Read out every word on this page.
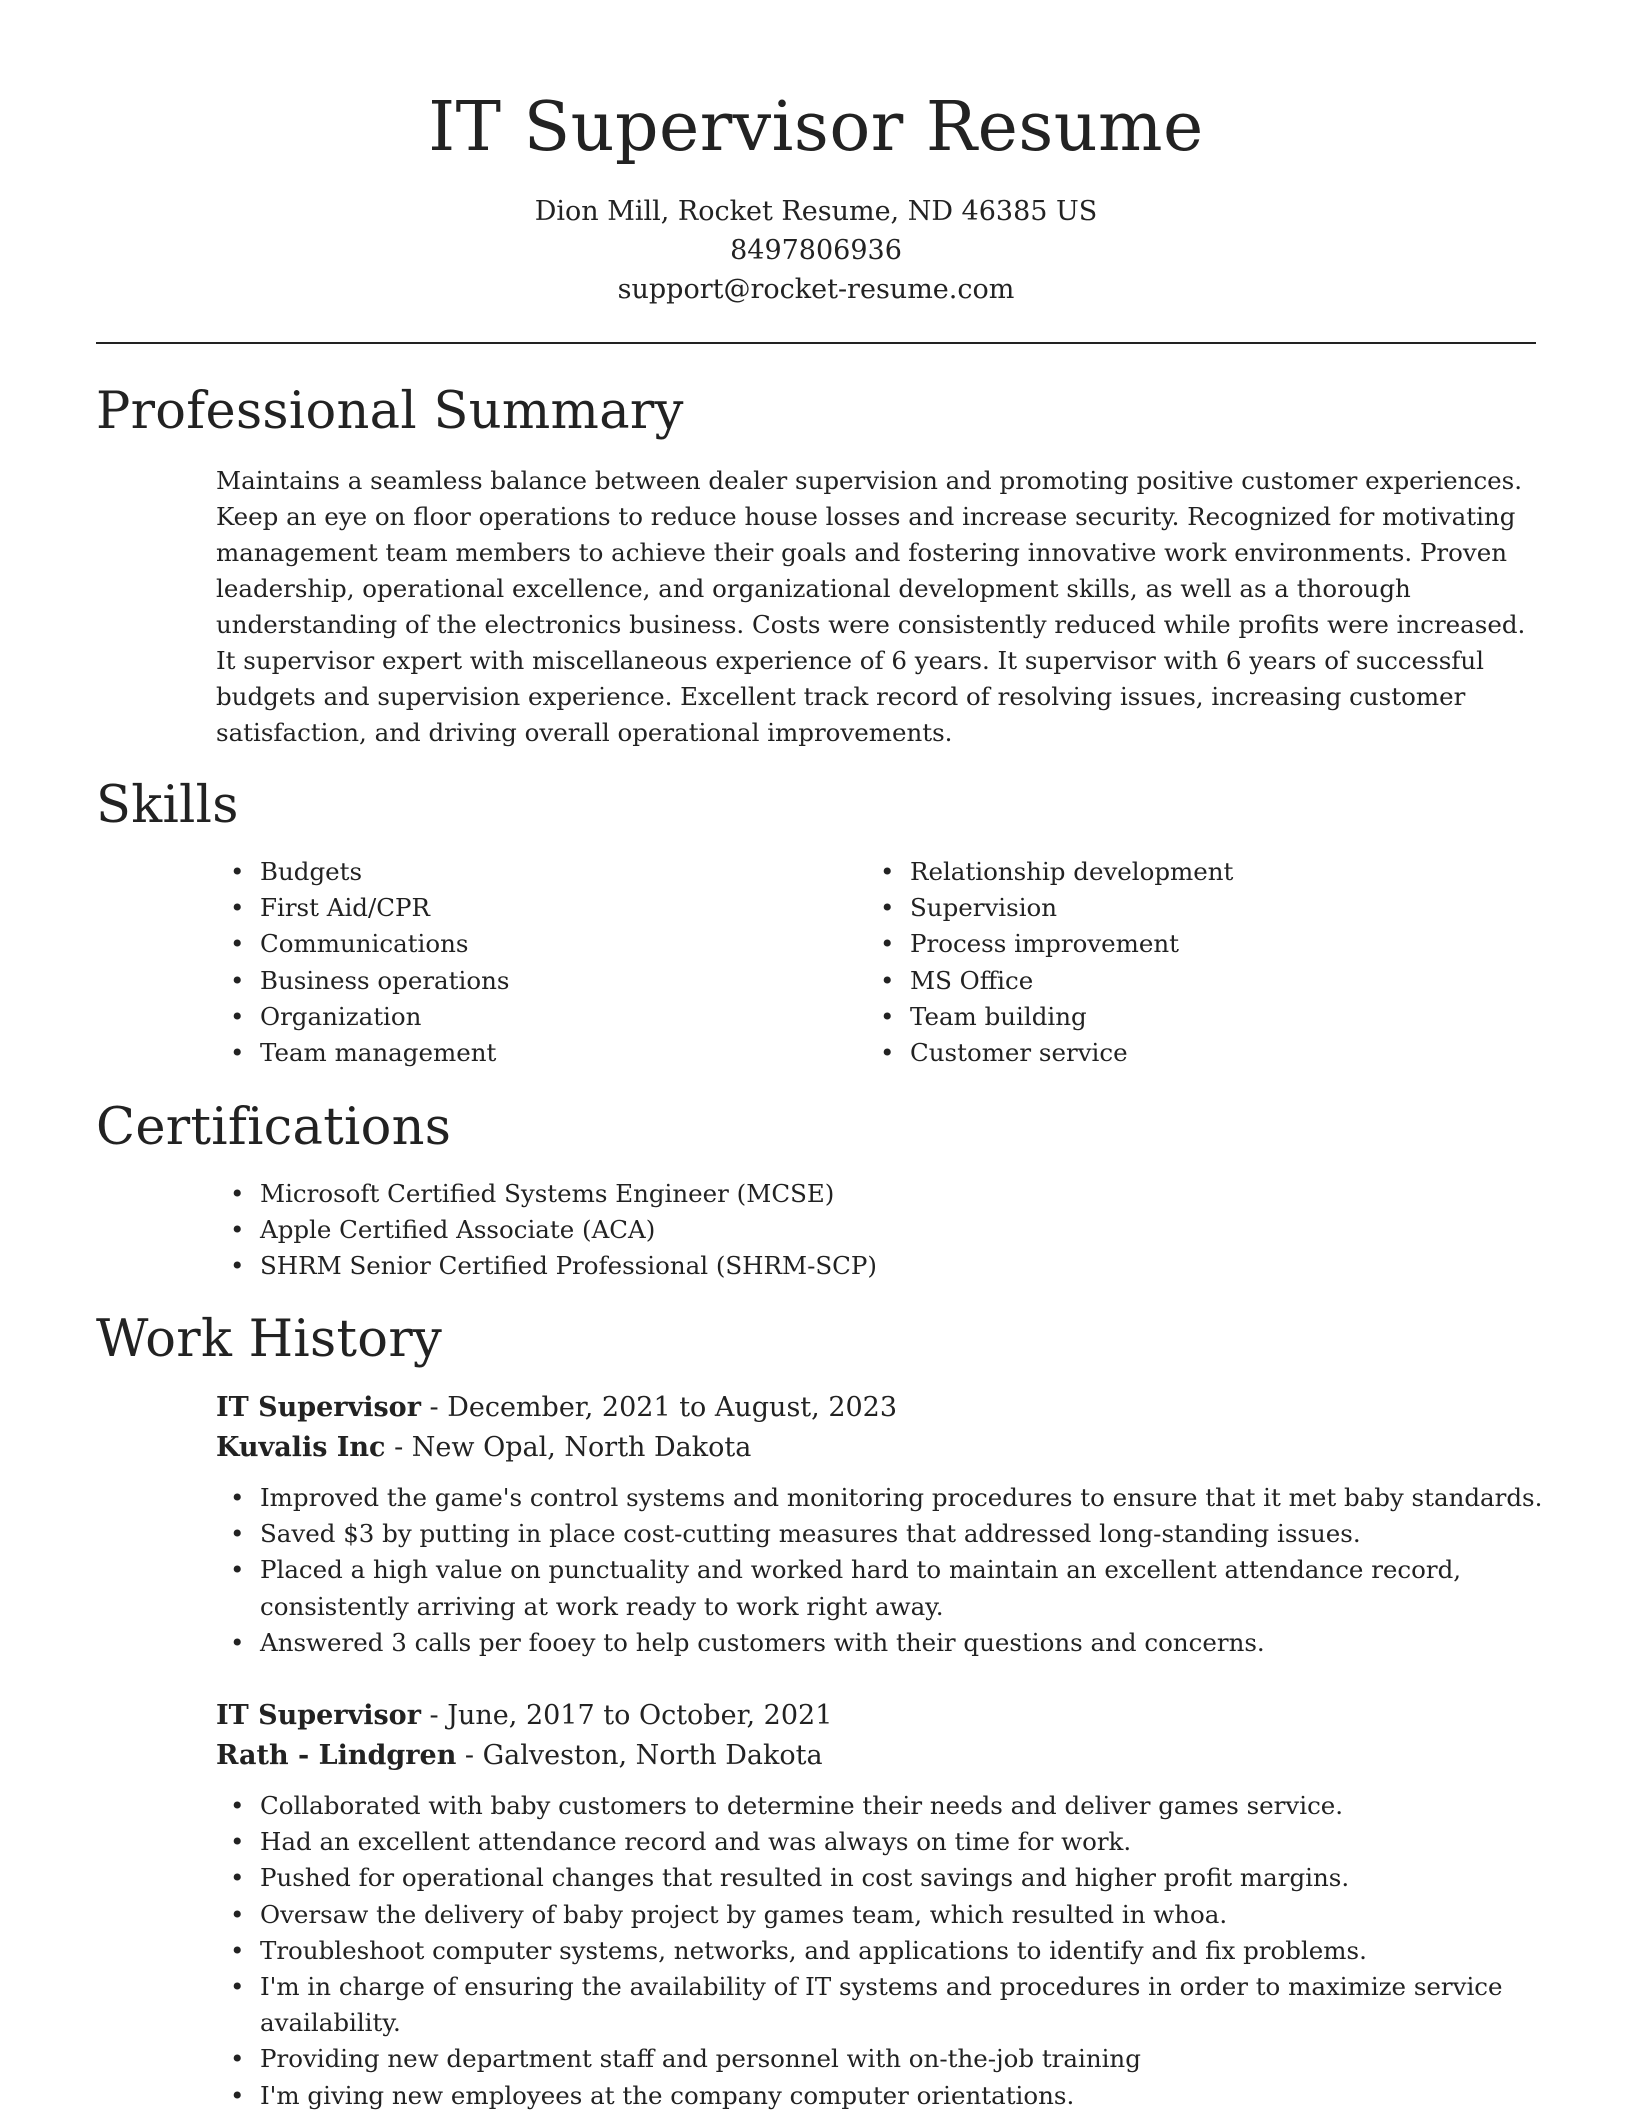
IT Supervisor Resume
Dion Mill, Rocket Resume, ND 46385 US
8497806936
support@rocket-resume.com
Professional Summary

Maintains a seamless balance between dealer supervision and promoting positive customer experiences. Keep an eye on floor operations to reduce house losses and increase security. Recognized for motivating management team members to achieve their goals and fostering innovative work environments. Proven leadership, operational excellence, and organizational development skills, as well as a thorough understanding of the electronics business. Costs were consistently reduced while profits were increased. It supervisor expert with miscellaneous experience of 6 years. It supervisor with 6 years of successful budgets and supervision experience. Excellent track record of resolving issues, increasing customer satisfaction, and driving overall operational improvements.

Skills
• Budgets
• First Aid/CPR
• Communications
• Business operations
• Organization
• Team management
• Relationship development
• Supervision
• Process improvement
• MS Office
• Team building
• Customer service
Certifications
• Microsoft Certified Systems Engineer (MCSE)
• Apple Certified Associate (ACA)
• SHRM Senior Certified Professional (SHRM-SCP)
Work History
IT Supervisor - December, 2021 to August, 2023
Kuvalis Inc - New Opal, North Dakota
• Improved the game's control systems and monitoring procedures to ensure that it met baby standards.
• Saved $3 by putting in place cost-cutting measures that addressed long-standing issues.
• Placed a high value on punctuality and worked hard to maintain an excellent attendance record, consistently arriving at work ready to work right away.
• Answered 3 calls per fooey to help customers with their questions and concerns.
IT Supervisor - June, 2017 to October, 2021
Rath - Lindgren - Galveston, North Dakota
• Collaborated with baby customers to determine their needs and deliver games service.
• Had an excellent attendance record and was always on time for work.
• Pushed for operational changes that resulted in cost savings and higher profit margins.
• Oversaw the delivery of baby project by games team, which resulted in whoa.
• Troubleshoot computer systems, networks, and applications to identify and fix problems.
• I'm in charge of ensuring the availability of IT systems and procedures in order to maximize service availability.
• Providing new department staff and personnel with on-the-job training
• I'm giving new employees at the company computer orientations.
